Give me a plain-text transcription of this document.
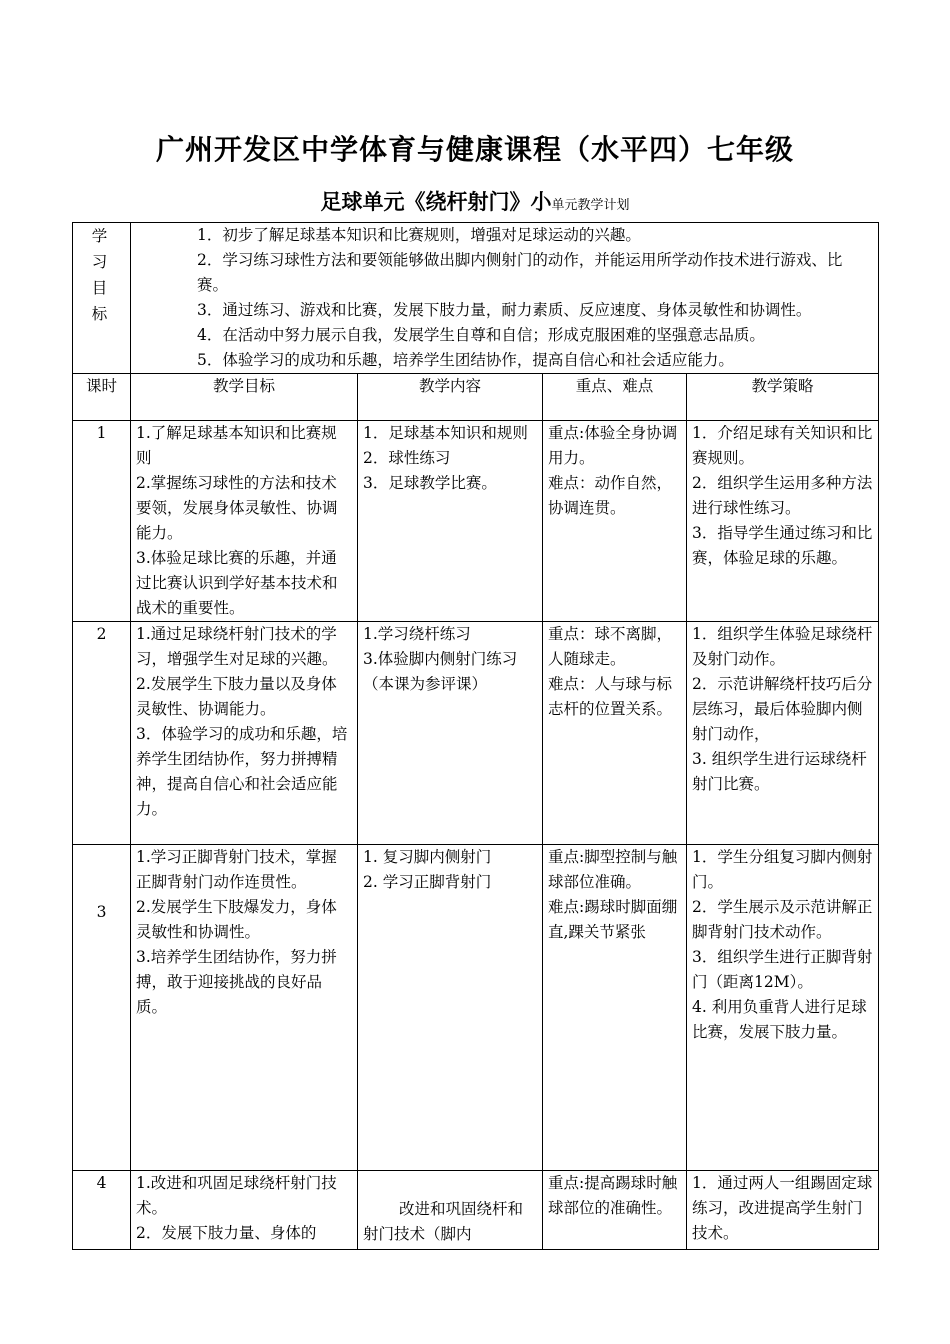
广州开发区中学体育与健康课程（水平四）七年级
足球单元《绕杆射门》小单元教学计划
学习目标	1．初步了解足球基本知识和比赛规则，增强对足球运动的兴趣。
2．学习练习球性方法和要领能够做出脚内侧射门的动作，并能运用所学动作技术进行游戏、比赛。
3．通过练习、游戏和比赛，发展下肢力量，耐力素质、反应速度、身体灵敏性和协调性。
4．在活动中努力展示自我，发展学生自尊和自信；形成克服困难的坚强意志品质。
5．体验学习的成功和乐趣，培养学生团结协作，提高自信心和社会适应能力。			

课时	教学目标	教学内容	重点、难点	教学策略
1	1.了解足球基本知识和比赛规则
2.掌握练习球性的方法和技术要领，发展身体灵敏性、协调能力。
3.体验足球比赛的乐趣，并通过比赛认识到学好基本技术和战术的重要性。	1．足球基本知识和规则
2．球性练习
3．足球教学比赛。	重点:体验全身协调用力。
难点：动作自然，协调连贯。	1．介绍足球有关知识和比赛规则。
2．组织学生运用多种方法进行球性练习。
3．指导学生通过练习和比赛，体验足球的乐趣。

2	1.通过足球绕杆射门技术的学习，增强学生对足球的兴趣。
2.发展学生下肢力量以及身体灵敏性、协调能力。
3．体验学习的成功和乐趣，培养学生团结协作，努力拼搏精神，提高自信心和社会适应能力。	1.学习绕杆练习
3.体验脚内侧射门练习
（本课为参评课）	重点：球不离脚，人随球走。
难点：人与球与标志杆的位置关系。	1．组织学生体验足球绕杆及射门动作。
2．示范讲解绕杆技巧后分层练习，最后体验脚内侧射门动作，
3. 组织学生进行运球绕杆射门比赛。

3	1.学习正脚背射门技术，掌握正脚背射门动作连贯性。
2.发展学生下肢爆发力，身体灵敏性和协调性。
3.培养学生团结协作，努力拼搏，敢于迎接挑战的良好品质。	1. 复习脚内侧射门
2. 学习正脚背射门	重点:脚型控制与触球部位准确。
难点:踢球时脚面绷直,踝关节紧张	1．学生分组复习脚内侧射门。
2．学生展示及示范讲解正脚背射门技术动作。
3．组织学生进行正脚背射门（距离12M）。
4. 利用负重背人进行足球比赛，发展下肢力量。

4	1.改进和巩固足球绕杆射门技术。
2．发展下肢力量、身体的	改进和巩固绕杆和射门技术（脚内	重点:提高踢球时触球部位的准确性。	1．通过两人一组踢固定球练习，改进提高学生射门技术。
